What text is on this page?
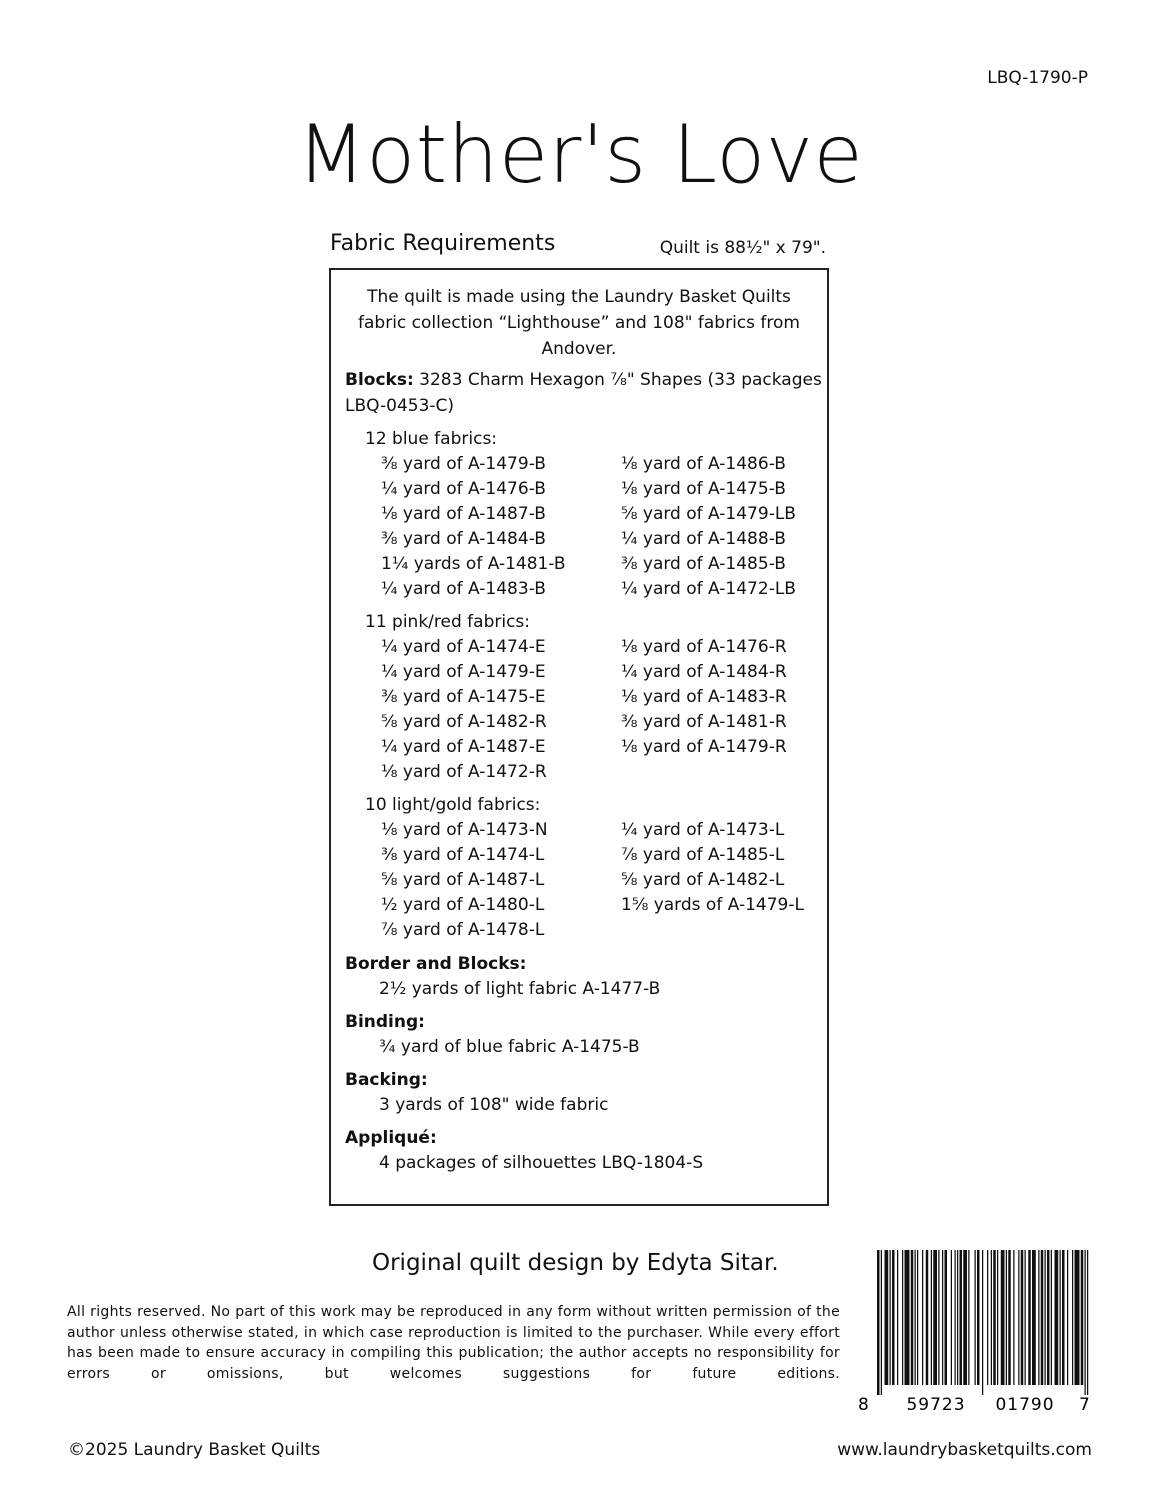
LBQ-1790-P
Mother's Love
Fabric Requirements	Quilt is 88½" x 79".
The quilt is made using the Laundry Basket Quilts fabric collection “Lighthouse” and 108" fabrics from Andover.
Blocks: 3283 Charm Hexagon ⅞" Shapes (33 packages
LBQ-0453-C)
12 blue fabrics:
⅜ yard of A-1479-B
¼ yard of A-1476-B
⅛ yard of A-1487-B
⅜ yard of A-1484-B
1¼ yards of A-1481-B
¼ yard of A-1483-B
⅛ yard of A-1486-B
⅛ yard of A-1475-B
⅝ yard of A-1479-LB
¼ yard of A-1488-B
⅜ yard of A-1485-B
¼ yard of A-1472-LB
11 pink/red fabrics:
¼ yard of A-1474-E
¼ yard of A-1479-E
⅜ yard of A-1475-E
⅝ yard of A-1482-R
¼ yard of A-1487-E
⅛ yard of A-1472-R
⅛ yard of A-1476-R
¼ yard of A-1484-R
⅛ yard of A-1483-R
⅜ yard of A-1481-R
⅛ yard of A-1479-R
10 light/gold fabrics:
⅛ yard of A-1473-N
⅜ yard of A-1474-L
⅝ yard of A-1487-L
½ yard of A-1480-L
⅞ yard of A-1478-L
¼ yard of A-1473-L
⅞ yard of A-1485-L
⅝ yard of A-1482-L
1⅝ yards of A-1479-L
Border and Blocks:
2½ yards of light fabric A-1477-B
Binding:
¾ yard of blue fabric A-1475-B
Backing:
3 yards of 108" wide fabric
Appliqué:
4 packages of silhouettes LBQ-1804-S
Original quilt design by Edyta Sitar.
All rights reserved. No part of this work may be reproduced in any form without written permission of the author unless otherwise stated, in which case reproduction is limited to the purchaser. While every effort has been made to ensure accuracy in compiling this publication; the author accepts no responsibility for errors or omissions, but welcomes suggestions for future editions.
8 59723 01790 7
©2025 Laundry Basket Quilts	www.laundrybasketquilts.com
